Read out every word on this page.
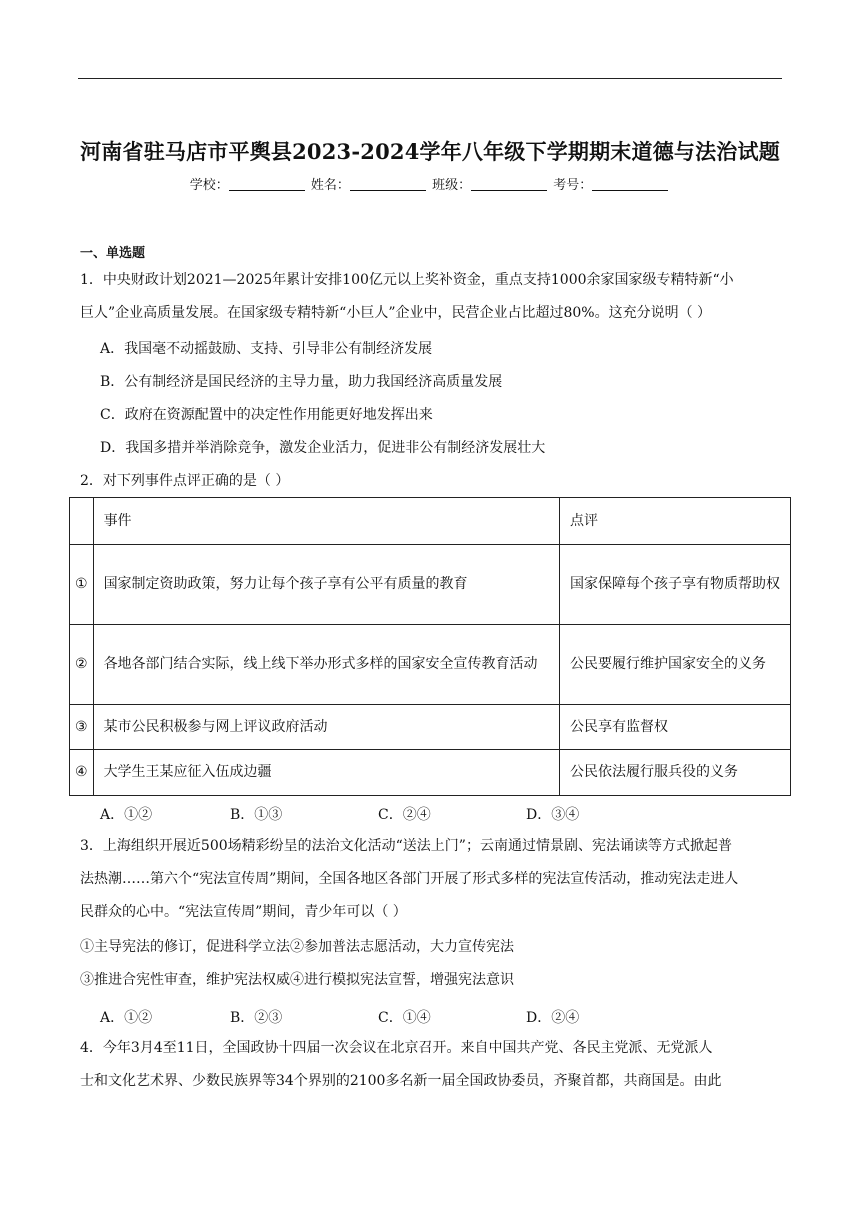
河南省驻马店市平舆县2023-2024学年八年级下学期期末道德与法治试题
学校：	姓名：	班级：	考号：
一、单选题

1．中央财政计划2021—2025年累计安排100亿元以上奖补资金，重点支持1000余家国家级专精特新“小

巨人”企业高质量发展。在国家级专精特新“小巨人”企业中，民营企业占比超过80%。这充分说明（ ）

A．我国毫不动摇鼓励、支持、引导非公有制经济发展

B．公有制经济是国民经济的主导力量，助力我国经济高质量发展

C．政府在资源配置中的决定性作用能更好地发挥出来

D．我国多措并举消除竞争，激发企业活力，促进非公有制经济发展壮大

2．对下列事件点评正确的是（ ）

	事件	点评
①	国家制定资助政策，努力让每个孩子享有公平有质量的教育	国家保障每个孩子享有物质帮助权
②	各地各部门结合实际，线上线下举办形式多样的国家安全宣传教育活动	公民要履行维护国家安全的义务
③	某市公民积极参与网上评议政府活动	公民享有监督权
④	大学生王某应征入伍成边疆	公民依法履行服兵役的义务
A．①②	B．①③	C．②④	D．③④

3．上海组织开展近500场精彩纷呈的法治文化活动“送法上门”；云南通过情景剧、宪法诵读等方式掀起普

法热潮……第六个“宪法宣传周”期间，全国各地区各部门开展了形式多样的宪法宣传活动，推动宪法走进人

民群众的心中。“宪法宣传周”期间，青少年可以（ ）

①主导宪法的修订，促进科学立法②参加普法志愿活动，大力宣传宪法

③推进合宪性审查，维护宪法权威④进行模拟宪法宣誓，增强宪法意识

A．①②	B．②③	C．①④	D．②④

4．今年3月4至11日，全国政协十四届一次会议在北京召开。来自中国共产党、各民主党派、无党派人

士和文化艺术界、少数民族界等34个界别的2100多名新一届全国政协委员，齐聚首都，共商国是。由此
